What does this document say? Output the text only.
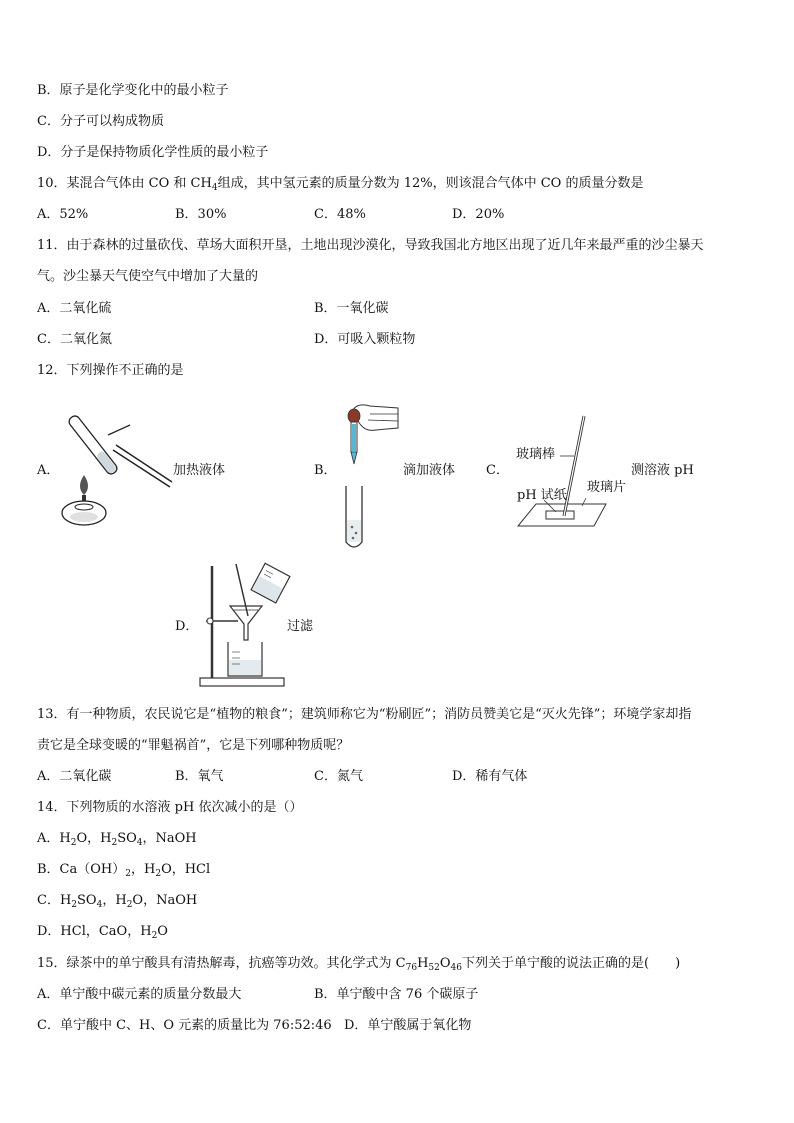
B．原子是化学变化中的最小粒子
C．分子可以构成物质
D．分子是保持物质化学性质的最小粒子
10．某混合气体由 CO 和 $CH_4$组成，其中氢元素的质量分数为 12%，则该混合气体中 CO 的质量分数是
A．52%	B．30%	C．48%	D．20%
11．由于森林的过量砍伐、草场大面积开垦，土地出现沙漠化，导致我国北方地区出现了近几年来最严重的沙尘暴天
气。沙尘暴天气使空气中增加了大量的
A．二氧化硫	B．一氧化碳
C．二氧化氮	D．可吸入颗粒物
12．下列操作不正确的是
A．	加热液体	B．	滴加液体 C．
玻璃棒
pH 试纸
玻璃片
测溶液 pH
D．	过滤
13．有一种物质，农民说它是“植物的粮食”；建筑师称它为“粉刷匠”；消防员赞美它是“灭火先锋”；环境学家却指
责它是全球变暖的“罪魁祸首”，它是下列哪种物质呢？
A．二氧化碳	B．氧气	C．氮气	D．稀有气体
14．下列物质的水溶液 pH 依次减小的是（）
A．$H_2O$，$H_2SO_4$，NaOH
B．$Ca(OH)_2$，$H_2O$，HCl
C．$H_2SO_4$，$H_2O$，NaOH
D．HCl，CaO，$H_2O$
15．绿茶中的单宁酸具有清热解毒，抗癌等功效。其化学式为 $C_{76}H_{52}O_{46}$下列关于单宁酸的说法正确的是(　　)
A．单宁酸中碳元素的质量分数最大	B．单宁酸中含 76 个碳原子
C．单宁酸中 C、H、O 元素的质量比为 76:52:46 D．单宁酸属于氧化物
